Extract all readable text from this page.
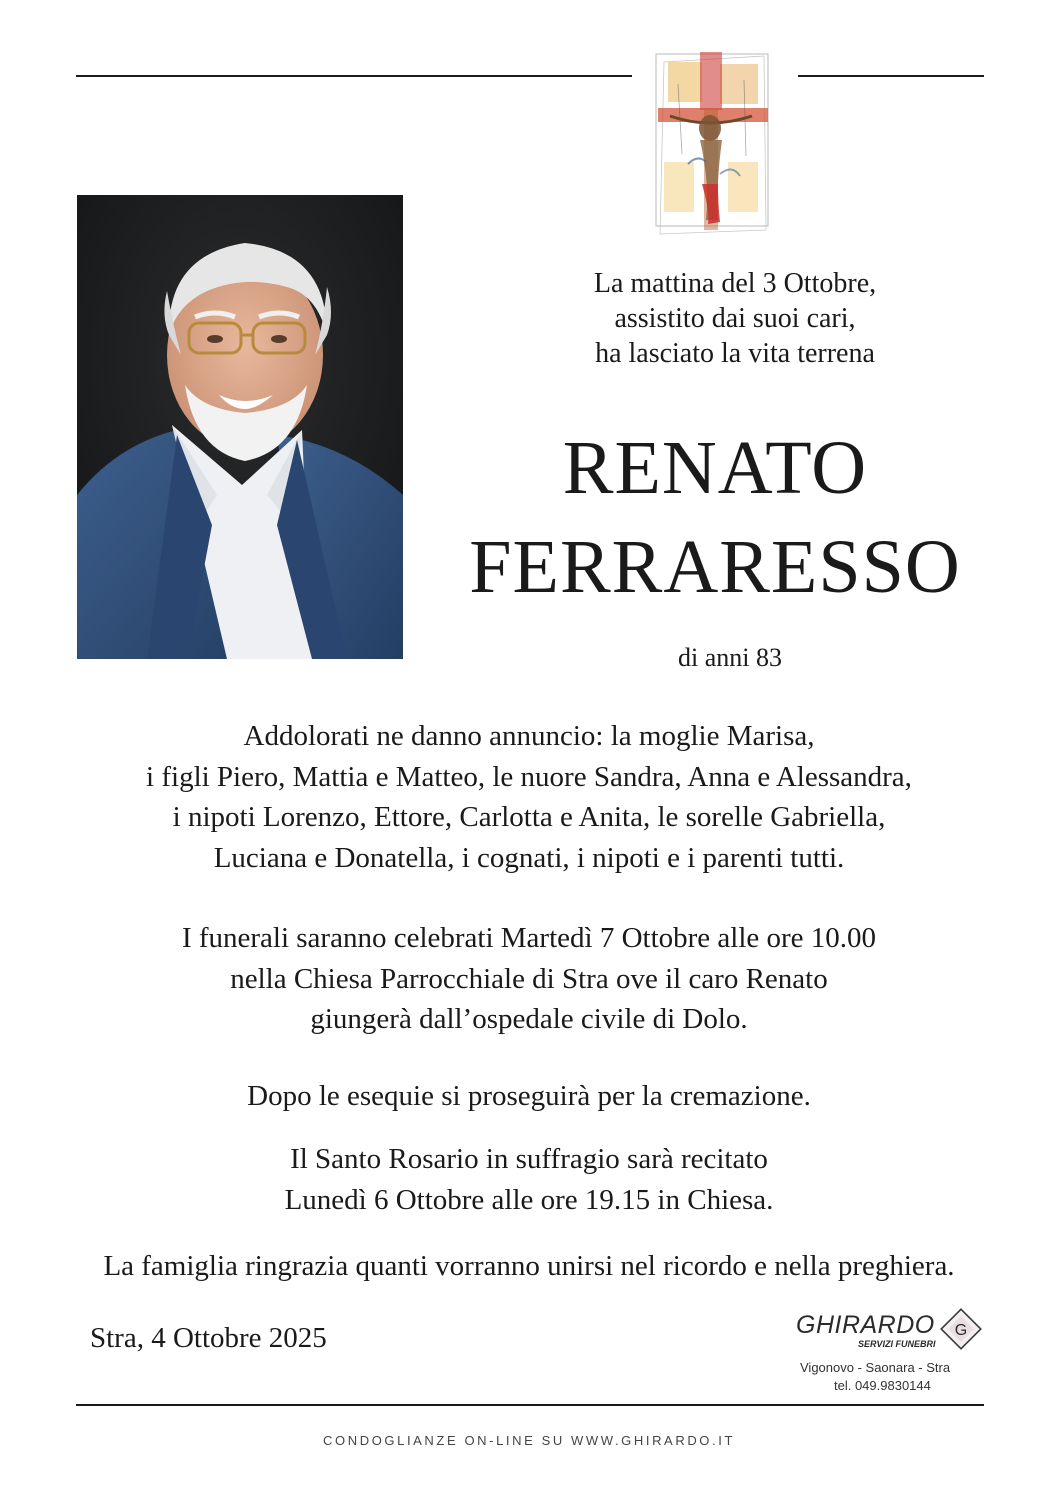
La mattina del 3 Ottobre,
assistito dai suoi cari,
ha lasciato la vita terrena
RENATO
FERRARESSO
di anni 83
Addolorati ne danno annuncio: la moglie Marisa,
i figli Piero, Mattia e Matteo, le nuore Sandra, Anna e Alessandra,
i nipoti Lorenzo, Ettore, Carlotta e Anita, le sorelle Gabriella,
Luciana e Donatella, i cognati, i nipoti e i parenti tutti.
I funerali saranno celebrati Martedì 7 Ottobre alle ore 10.00
nella Chiesa Parrocchiale di Stra ove il caro Renato
giungerà dall’ospedale civile di Dolo.
Dopo le esequie si proseguirà per la cremazione.
Il Santo Rosario in suffragio sarà recitato
Lunedì 6 Ottobre alle ore 19.15 in Chiesa.
La famiglia ringrazia quanti vorranno unirsi nel ricordo e nella preghiera.
Stra, 4 Ottobre 2025	GHIRARDO
SERVIZI FUNEBRI
G
Vigonovo - Saonara - Stra
tel. 049.9830144
CONDOGLIANZE ON-LINE SU WWW.GHIRARDO.IT
